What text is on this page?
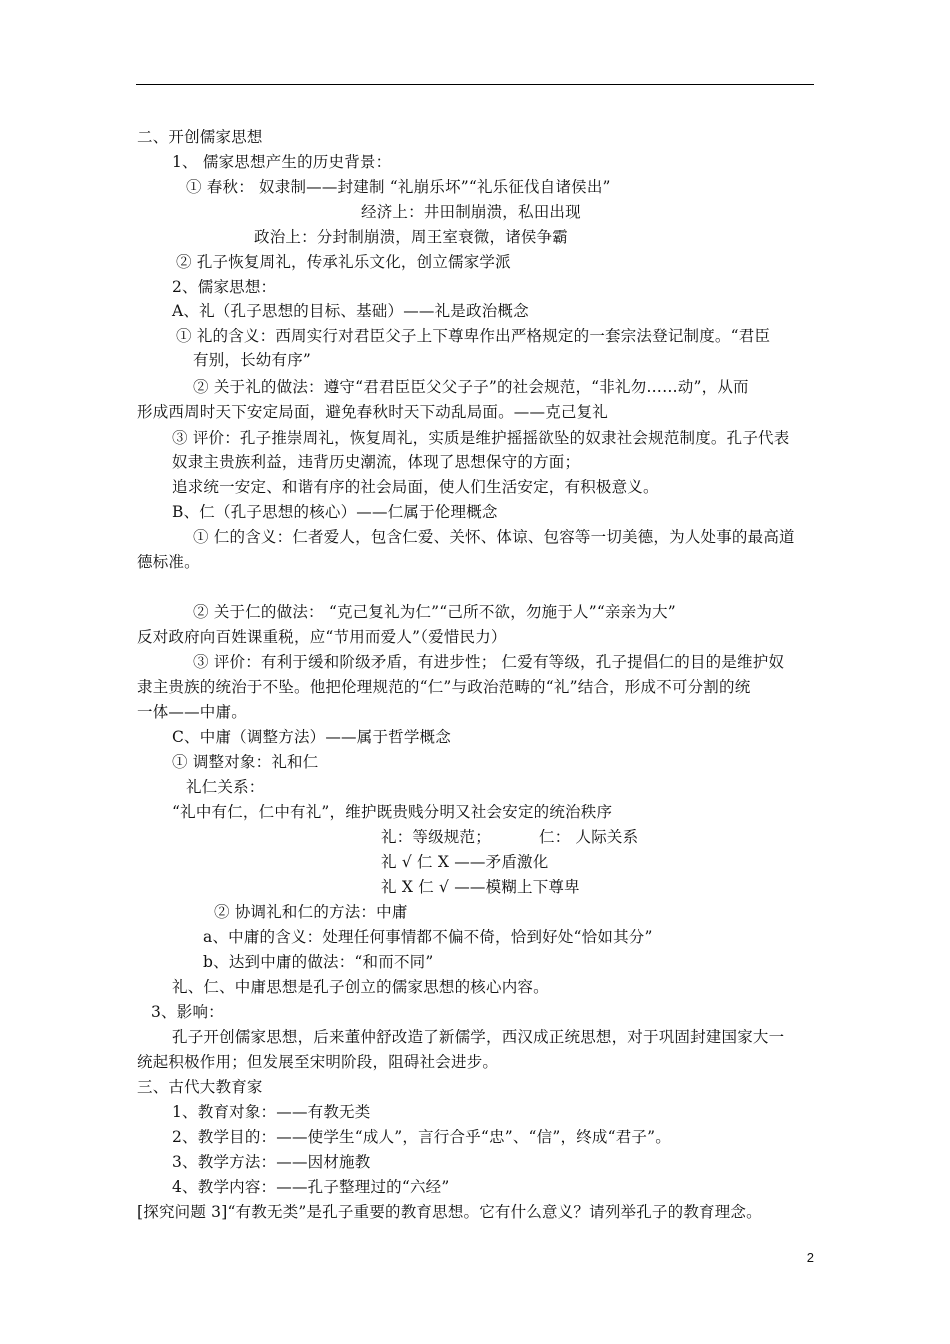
二、开创儒家思想
1、 儒家思想产生的历史背景：
① 春秋： 奴隶制——封建制 “礼崩乐坏”“礼乐征伐自诸侯出”
经济上：井田制崩溃，私田出现
政治上：分封制崩溃，周王室衰微，诸侯争霸
② 孔子恢复周礼，传承礼乐文化，创立儒家学派
2、儒家思想：
A、礼（孔子思想的目标、基础）——礼是政治概念
① 礼的含义：西周实行对君臣父子上下尊卑作出严格规定的一套宗法登记制度。“君臣
有别，长幼有序”
② 关于礼的做法：遵守“君君臣臣父父子子”的社会规范，“非礼勿……动”，从而
形成西周时天下安定局面，避免春秋时天下动乱局面。——克己复礼
③ 评价：孔子推崇周礼，恢复周礼，实质是维护摇摇欲坠的奴隶社会规范制度。孔子代表
奴隶主贵族利益，违背历史潮流，体现了思想保守的方面；
追求统一安定、和谐有序的社会局面，使人们生活安定，有积极意义。
B、仁（孔子思想的核心）——仁属于伦理概念
① 仁的含义：仁者爱人，包含仁爱、关怀、体谅、包容等一切美德，为人处事的最高道
德标准。
② 关于仁的做法： “克己复礼为仁”“己所不欲，勿施于人”“亲亲为大”
反对政府向百姓课重税，应“节用而爱人”（爱惜民力）
③ 评价：有利于缓和阶级矛盾，有进步性； 仁爱有等级，孔子提倡仁的目的是维护奴
隶主贵族的统治于不坠。他把伦理规范的“仁”与政治范畴的“礼”结合，形成不可分割的统
一体——中庸。
C、中庸（调整方法）——属于哲学概念
① 调整对象：礼和仁
礼仁关系：
“礼中有仁，仁中有礼”，维护既贵贱分明又社会安定的统治秩序
礼：等级规范；	仁： 人际关系
礼 √ 仁 X ——矛盾激化
礼 X 仁 √ ——模糊上下尊卑
② 协调礼和仁的方法：中庸
a、中庸的含义：处理任何事情都不偏不倚，恰到好处“恰如其分”
b、达到中庸的做法：“和而不同”
礼、仁、中庸思想是孔子创立的儒家思想的核心内容。
3、影响：
孔子开创儒家思想，后来董仲舒改造了新儒学，西汉成正统思想，对于巩固封建国家大一
统起积极作用；但发展至宋明阶段，阻碍社会进步。
三、古代大教育家
1、教育对象：——有教无类
2、教学目的：——使学生“成人”，言行合乎“忠”、“信”，终成“君子”。
3、教学方法：——因材施教
4、教学内容：——孔子整理过的“六经”
[探究问题 3]“有教无类”是孔子重要的教育思想。它有什么意义？请列举孔子的教育理念。
2
